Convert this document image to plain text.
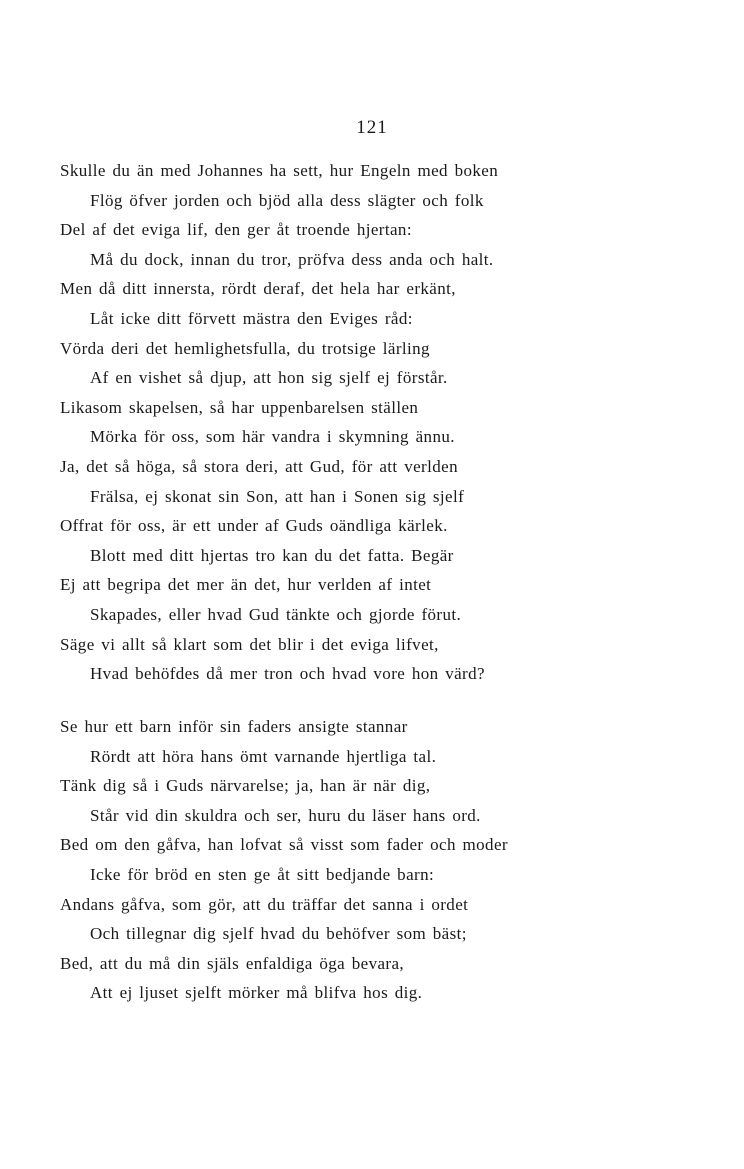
121
Skulle du än med Johannes ha sett, hur Engeln med boken
Flög öfver jorden och bjöd alla dess slägter och folk
Del af det eviga lif, den ger åt troende hjertan:
Må du dock, innan du tror, pröfva dess anda och halt.
Men då ditt innersta, rördt deraf, det hela har erkänt,
Låt icke ditt förvett mästra den Eviges råd:
Vörda deri det hemlighetsfulla, du trotsige lärling
Af en vishet så djup, att hon sig sjelf ej förstår.
Likasom skapelsen, så har uppenbarelsen ställen
Mörka för oss, som här vandra i skymning ännu.
Ja, det så höga, så stora deri, att Gud, för att verlden
Frälsa, ej skonat sin Son, att han i Sonen sig sjelf
Offrat för oss, är ett under af Guds oändliga kärlek.
Blott med ditt hjertas tro kan du det fatta. Begär
Ej att begripa det mer än det, hur verlden af intet
Skapades, eller hvad Gud tänkte och gjorde förut.
Säge vi allt så klart som det blir i det eviga lifvet,
Hvad behöfdes då mer tron och hvad vore hon värd?
Se hur ett barn inför sin faders ansigte stannar
Rördt att höra hans ömt varnande hjertliga tal.
Tänk dig så i Guds närvarelse; ja, han är när dig,
Står vid din skuldra och ser, huru du läser hans ord.
Bed om den gåfva, han lofvat så visst som fader och moder
Icke för bröd en sten ge åt sitt bedjande barn:
Andans gåfva, som gör, att du träffar det sanna i ordet
Och tillegnar dig sjelf hvad du behöfver som bäst;
Bed, att du må din själs enfaldiga öga bevara,
Att ej ljuset sjelft mörker må blifva hos dig.
